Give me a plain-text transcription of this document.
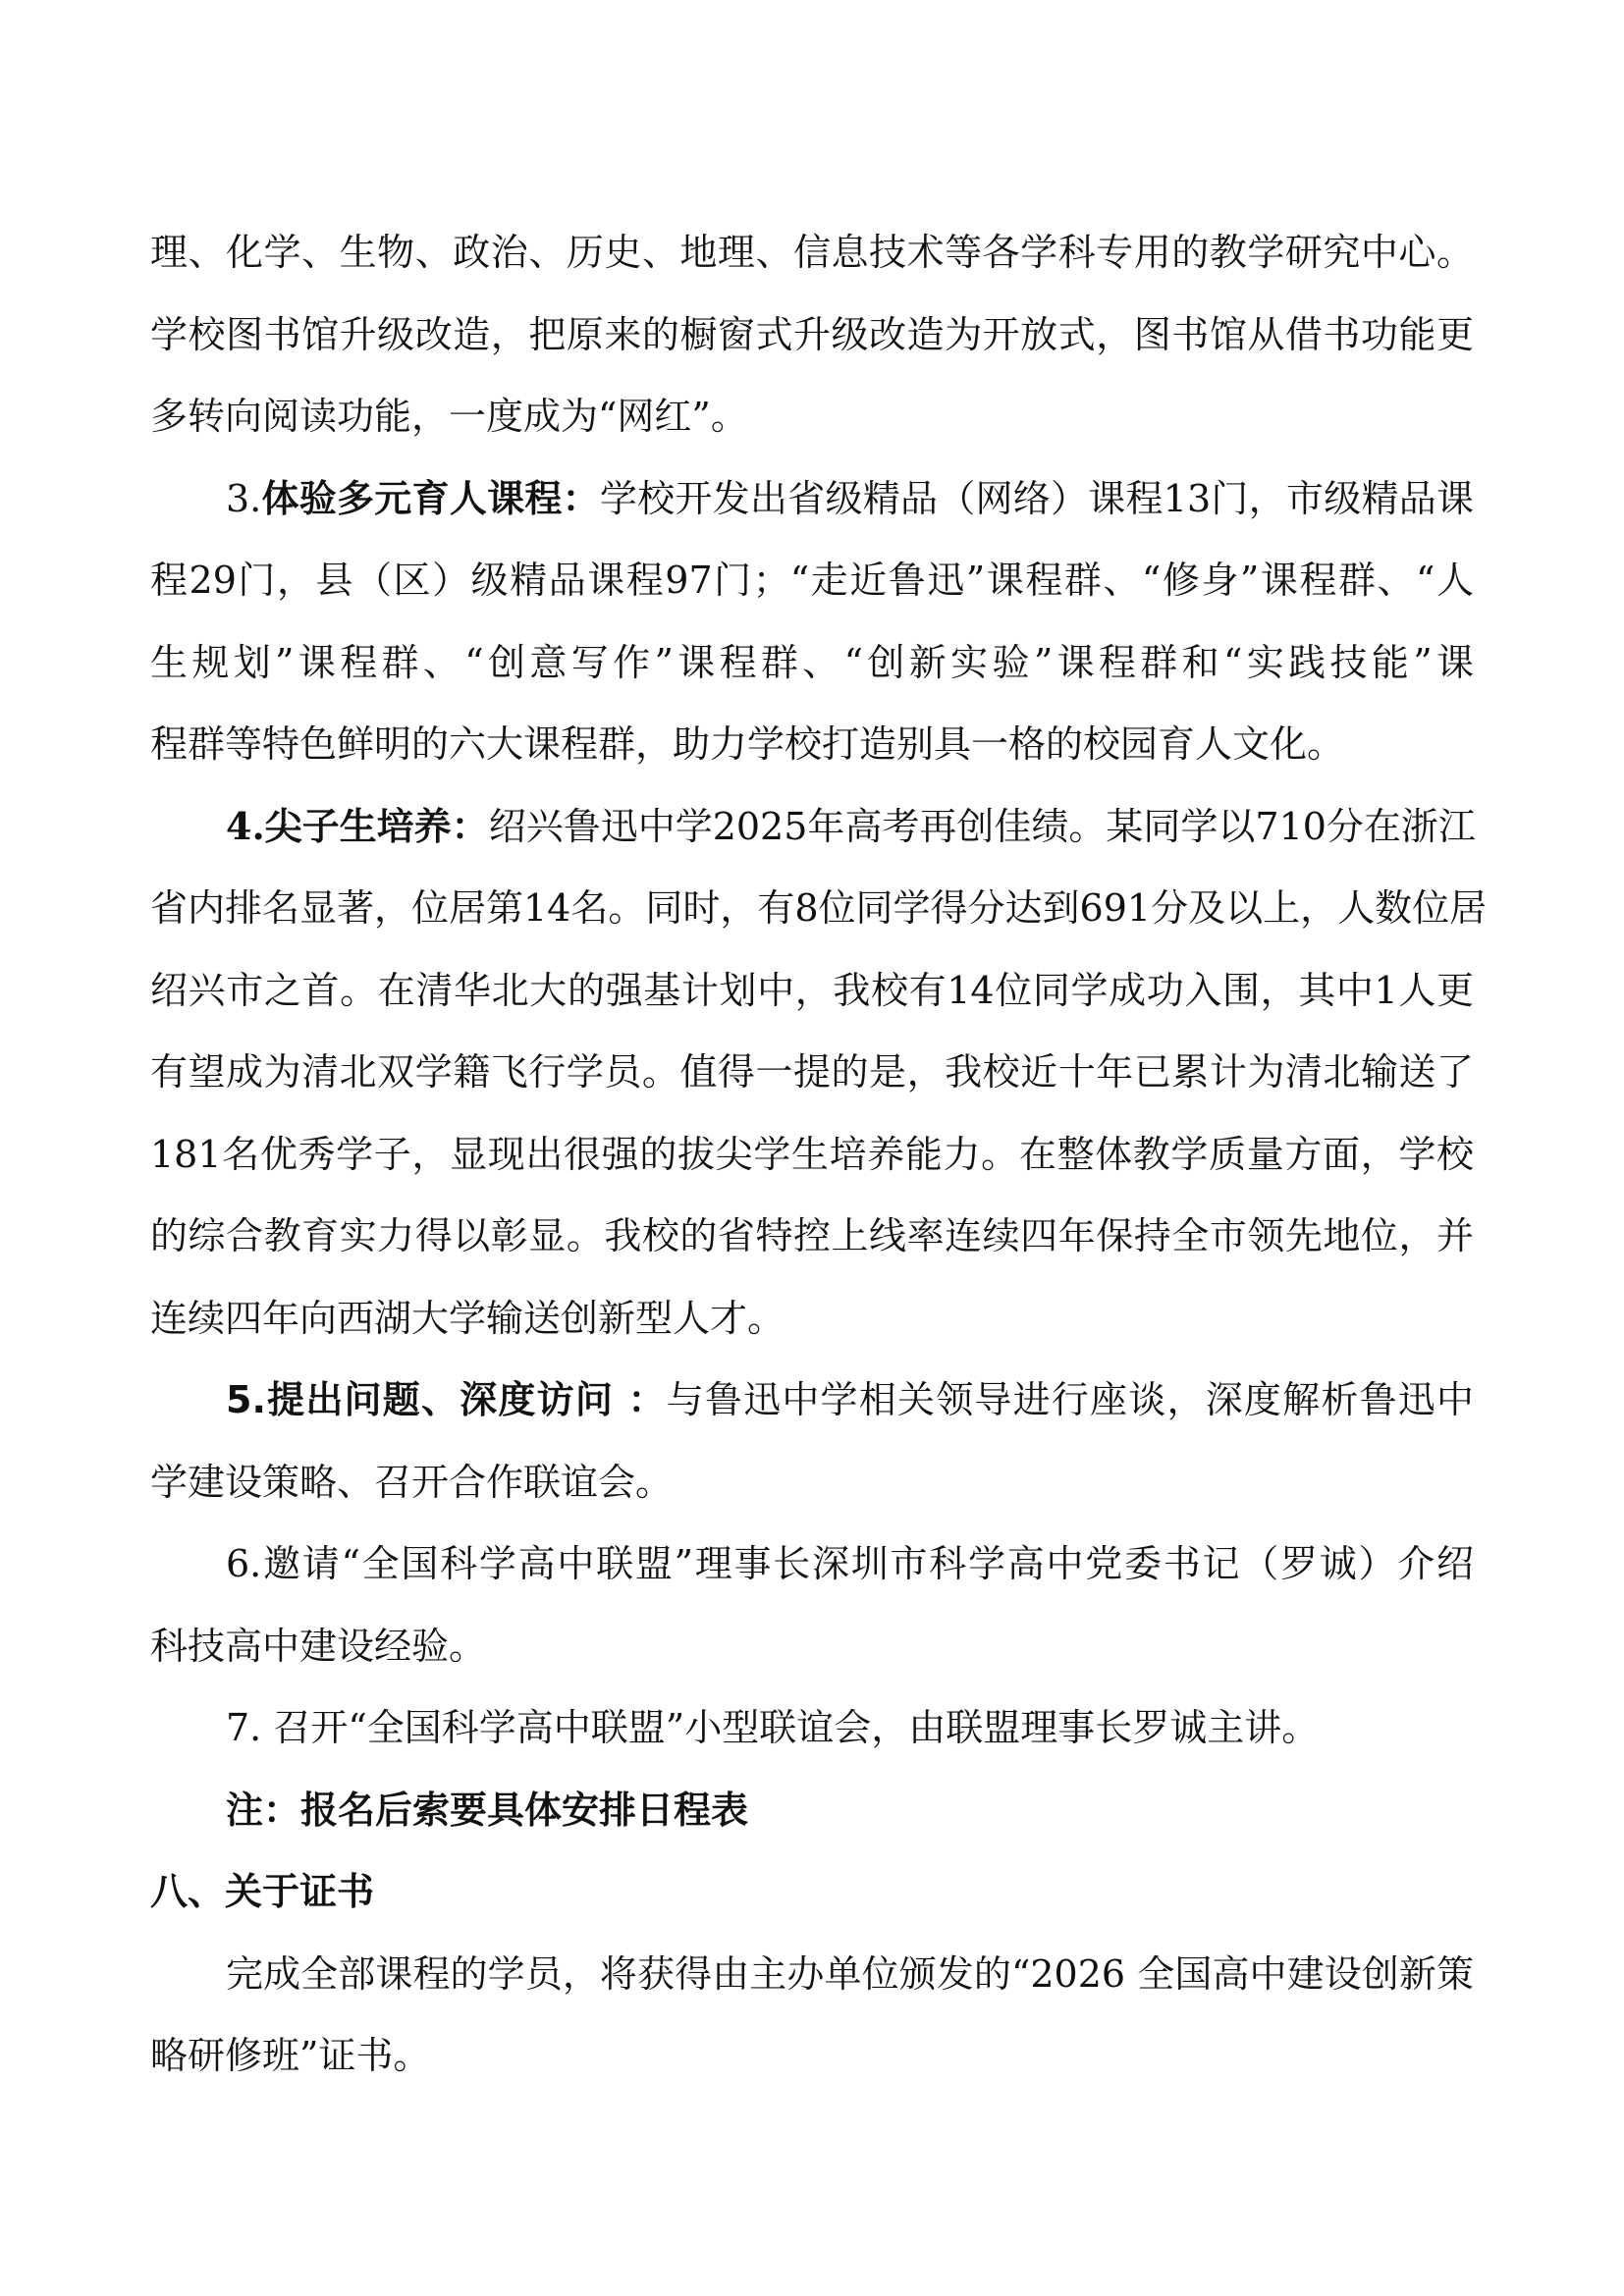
理、化学、生物、政治、历史、地理、信息技术等各学科专用的教学研究中心。
学校图书馆升级改造，把原来的橱窗式升级改造为开放式，图书馆从借书功能更
多转向阅读功能，一度成为“网红”。
3.体验多元育人课程：学校开发出省级精品（网络）课程13门，市级精品课
程29门，县（区）级精品课程97门；“走近鲁迅”课程群、“修身”课程群、“人
生规划”课程群、“创意写作”课程群、“创新实验”课程群和“实践技能”课
程群等特色鲜明的六大课程群，助力学校打造别具一格的校园育人文化。
4.尖子生培养：绍兴鲁迅中学2025年高考再创佳绩。某同学以710分在浙江
省内排名显著，位居第14名。同时，有8位同学得分达到691分及以上，人数位居
绍兴市之首。在清华北大的强基计划中，我校有14位同学成功入围，其中1人更
有望成为清北双学籍飞行学员。值得一提的是，我校近十年已累计为清北输送了
181名优秀学子，显现出很强的拔尖学生培养能力。在整体教学质量方面，学校
的综合教育实力得以彰显。我校的省特控上线率连续四年保持全市领先地位，并
连续四年向西湖大学输送创新型人才。
5.提出问题、深度访问 ：与鲁迅中学相关领导进行座谈，深度解析鲁迅中
学建设策略、召开合作联谊会。
6.邀请“全国科学高中联盟”理事长深圳市科学高中党委书记（罗诚）介绍
科技高中建设经验。
7. 召开“全国科学高中联盟”小型联谊会，由联盟理事长罗诚主讲。
注：报名后索要具体安排日程表
八、关于证书
完成全部课程的学员，将获得由主办单位颁发的“2026 全国高中建设创新策
略研修班”证书。
